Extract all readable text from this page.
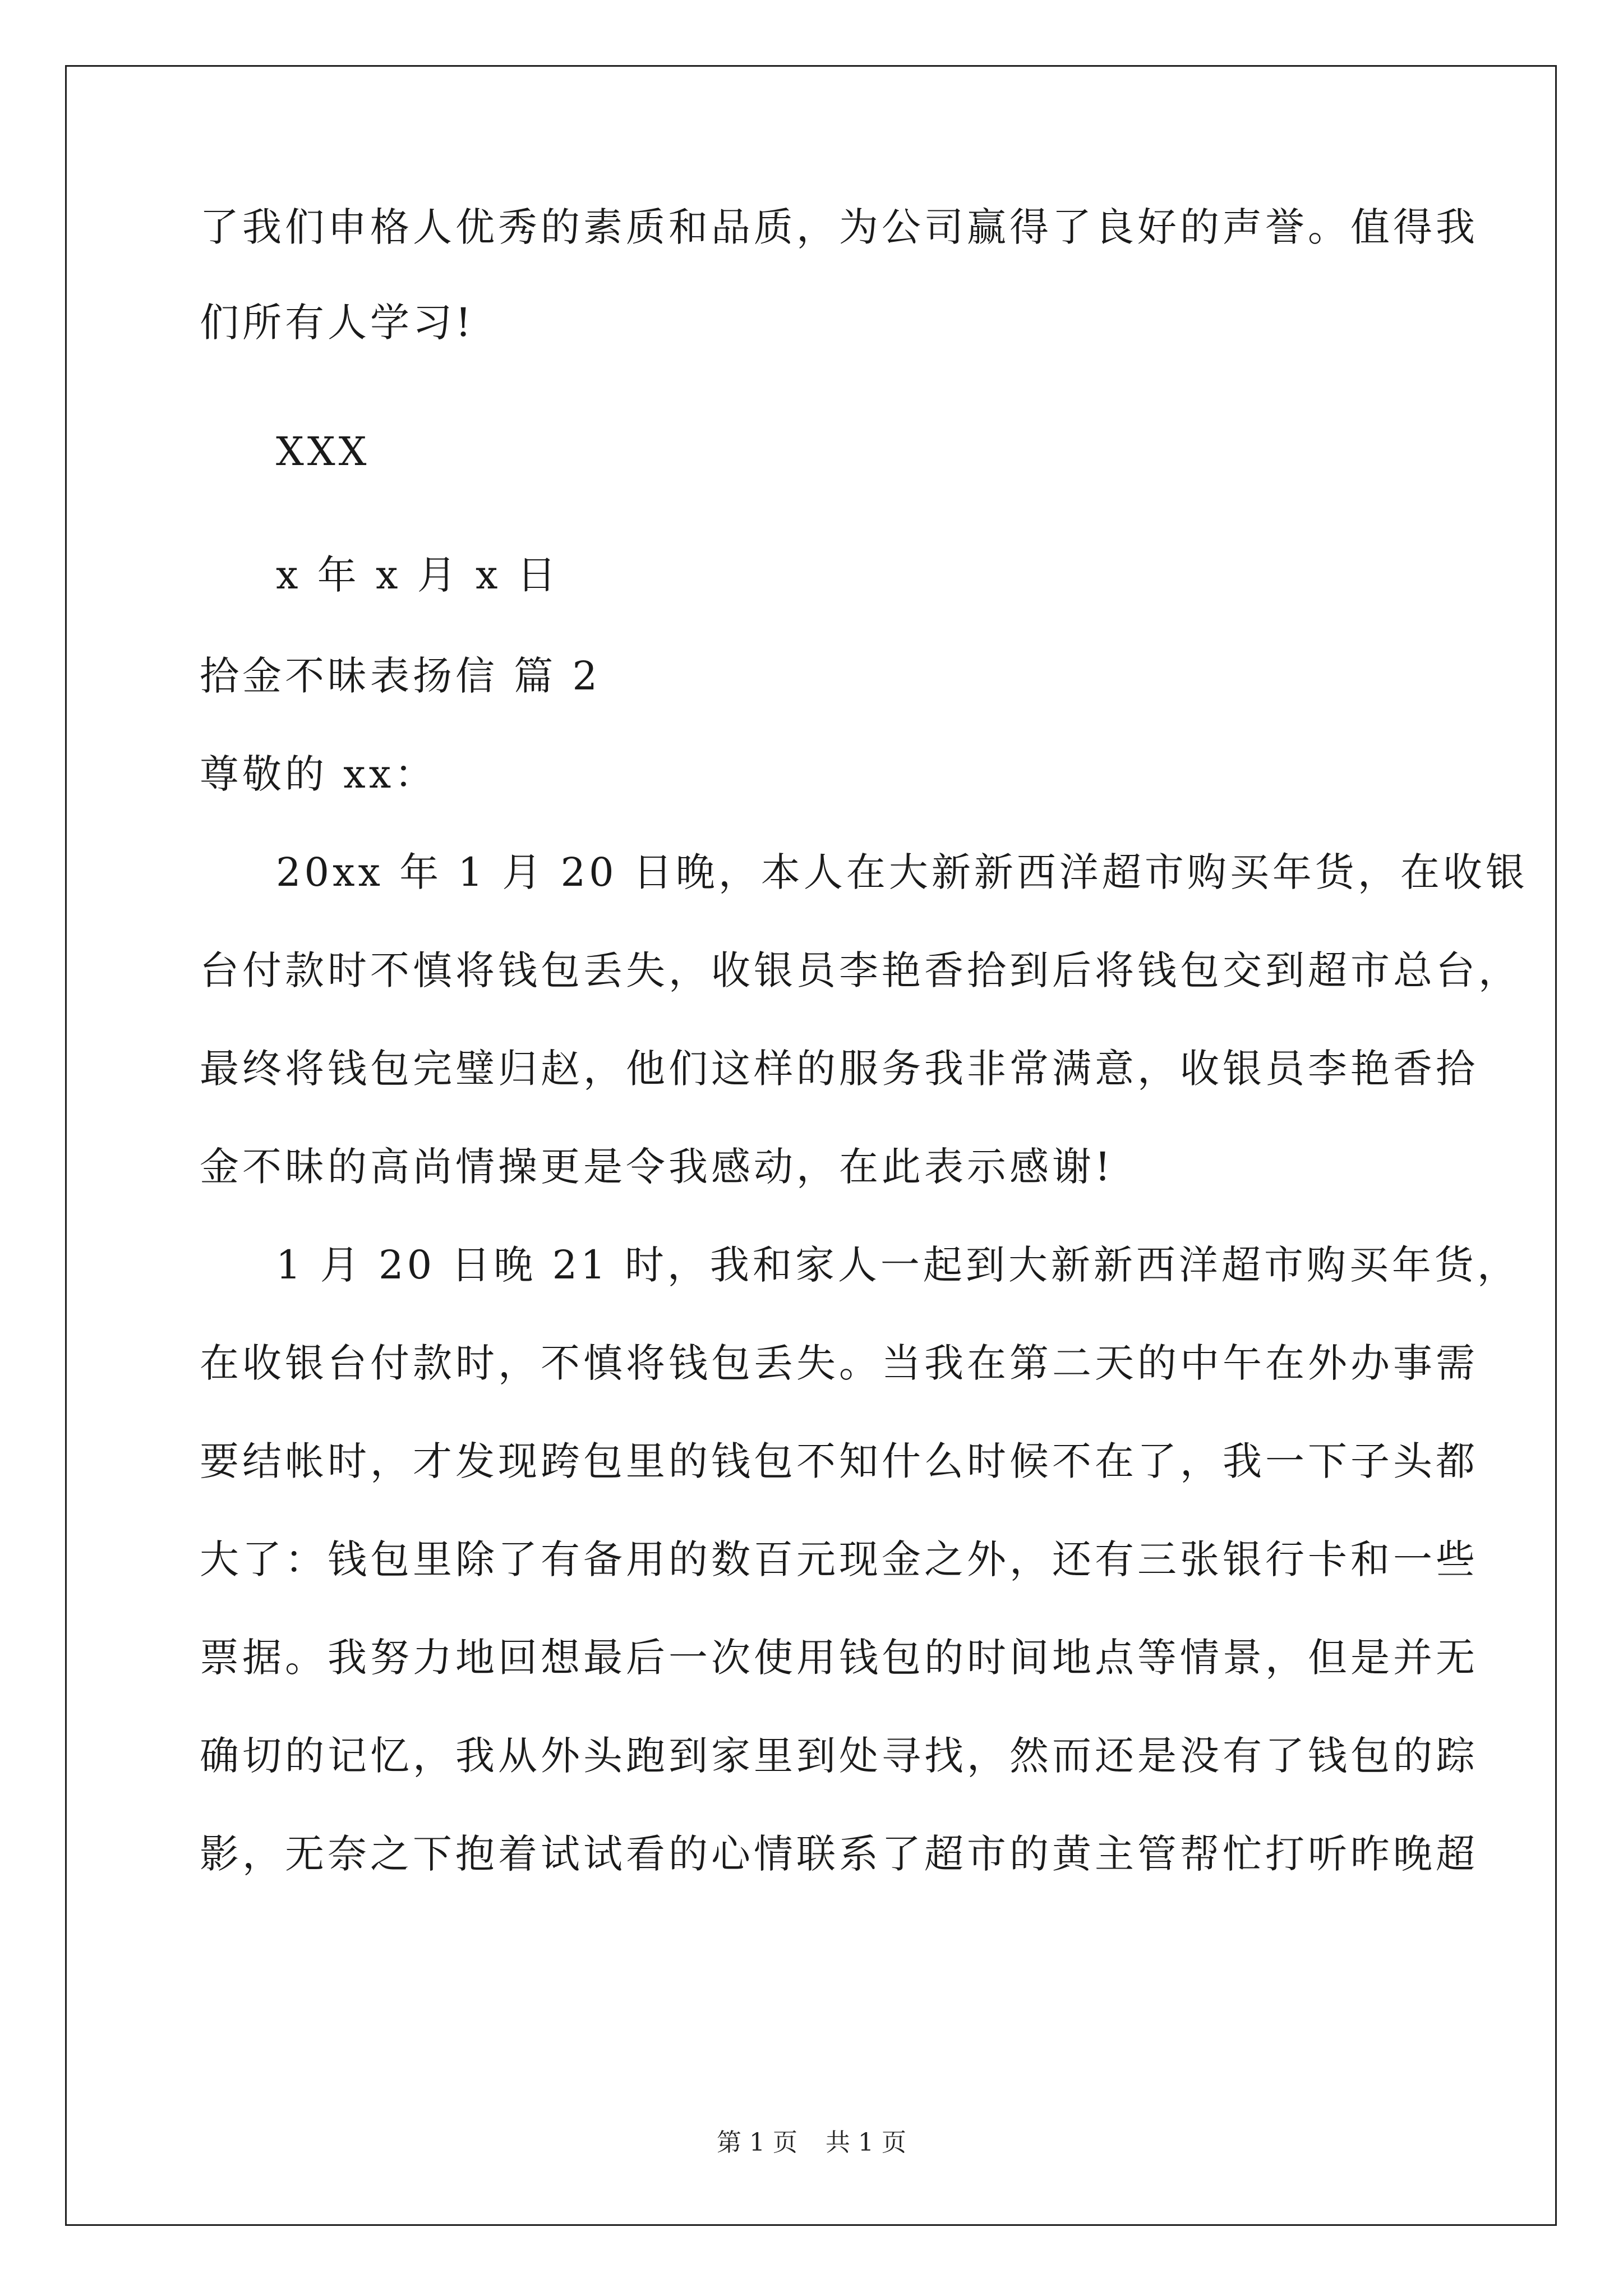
了我们申格人优秀的素质和品质，为公司赢得了良好的声誉。值得我
们所有人学习!
XXX
x 年 x 月 x 日
拾金不昧表扬信 篇 2
尊敬的 xx：
20xx 年 1 月 20 日晚，本人在大新新西洋超市购买年货，在收银
台付款时不慎将钱包丢失，收银员李艳香拾到后将钱包交到超市总台，
最终将钱包完璧归赵，他们这样的服务我非常满意，收银员李艳香拾
金不昧的高尚情操更是令我感动，在此表示感谢!
1 月 20 日晚 21 时，我和家人一起到大新新西洋超市购买年货，
在收银台付款时，不慎将钱包丢失。当我在第二天的中午在外办事需
要结帐时，才发现跨包里的钱包不知什么时候不在了，我一下子头都
大了：钱包里除了有备用的数百元现金之外，还有三张银行卡和一些
票据。我努力地回想最后一次使用钱包的时间地点等情景，但是并无
确切的记忆，我从外头跑到家里到处寻找，然而还是没有了钱包的踪
影，无奈之下抱着试试看的心情联系了超市的黄主管帮忙打听昨晚超
第 1 页 共 1 页
